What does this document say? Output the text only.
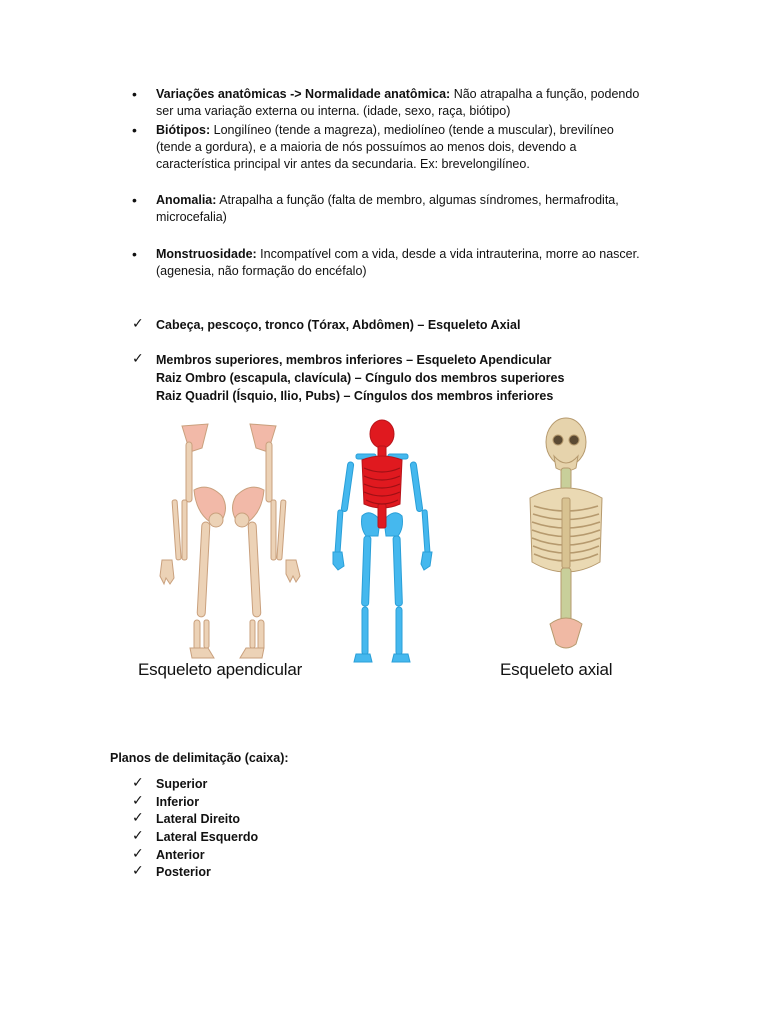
• Variações anatômicas -> Normalidade anatômica: Não atrapalha a função, podendo
ser uma variação externa ou interna. (idade, sexo, raça, biótipo)
• Biótipos: Longilíneo (tende a magreza), mediolíneo (tende a muscular), brevilíneo
(tende a gordura), e a maioria de nós possuímos ao menos dois, devendo a
característica principal vir antes da secundaria. Ex: brevelongilíneo.
• Anomalia: Atrapalha a função (falta de membro, algumas síndromes, hermafrodita,
microcefalia)
• Monstruosidade: Incompatível com a vida, desde a vida intrauterina, morre ao nascer.
(agenesia, não formação do encéfalo)
✓ Cabeça, pescoço, tronco (Tórax, Abdômen) – Esqueleto Axial
✓ Membros superiores, membros inferiores – Esqueleto Apendicular
Raiz Ombro (escapula, clavícula) – Cíngulo dos membros superiores
Raiz Quadril (Ísquio, Ilio, Pubs) – Cíngulos dos membros inferiores
Esqueleto apendicular	Esqueleto axial
Planos de delimitação (caixa):
✓ Superior
✓ Inferior
✓ Lateral Direito
✓ Lateral Esquerdo
✓ Anterior
✓ Posterior
